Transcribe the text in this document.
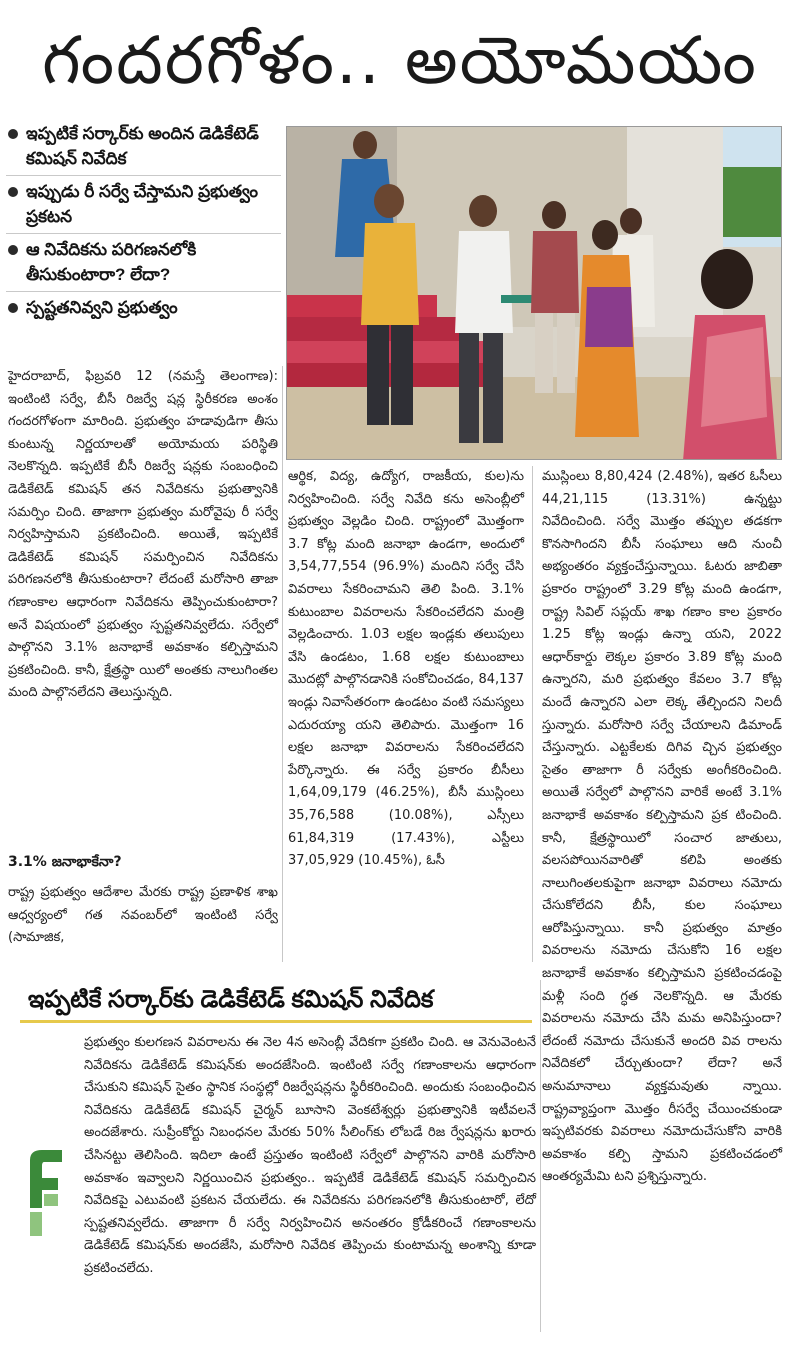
గందరగోళం.. అయోమయం
ఇప్పటికే సర్కార్‌కు అందిన డెడికేటెడ్ కమిషన్ నివేదిక
ఇప్పుడు రీ సర్వే చేస్తామని ప్రభుత్వం ప్రకటన
ఆ నివేదికను పరిగణనలోకి తీసుకుంటారా? లేదా?
స్పష్టతనివ్వని ప్రభుత్వం
హైదరాబాద్, ఫిబ్రవరి 12 (నమస్తే తెలంగాణ): ఇంటింటి సర్వే, బీసీ రిజర్వే షన్ల స్థిరీకరణ అంశం గందరగోళంగా మారింది. ప్రభుత్వం హడావుడిగా తీసు కుంటున్న నిర్ణయాలతో అయోమయ పరిస్థితి నెలకొన్నది. ఇప్పటికే బీసీ రిజర్వే షన్లకు సంబంధించి డెడికేటెడ్ కమిషన్ తన నివేదికను ప్రభుత్వానికి సమర్పిం చింది. తాజాగా ప్రభుత్వం మరోవైపు రీ సర్వే నిర్వహిస్తామని ప్రకటించింది. అయితే, ఇప్పటికే డెడికేటెడ్ కమిషన్ సమర్పించిన నివేదికను పరిగణనలోకి తీసుకుంటారా? లేదంటే మరోసారి తాజా గణాంకాల ఆధారంగా నివేదికను తెప్పించుకుంటారా? అనే విషయంలో ప్రభుత్వం స్పష్టతనివ్వలేదు. సర్వేలో పాల్గొనని 3.1% జనాభాకే అవకాశం కల్పిస్తామని ప్రకటించింది. కానీ, క్షేత్రస్థా యిలో అంతకు నాలుగింతల మంది పాల్గొనలేదని తెలుస్తున్నది.
3.1% జనాభాకేనా?
రాష్ట్ర ప్రభుత్వం ఆదేశాల మేరకు రాష్ట్ర ప్రణాళిక శాఖ ఆధ్వర్యంలో గత నవంబర్‌లో ఇంటింటి సర్వే (సామాజిక,
ఆర్థిక, విద్య, ఉద్యోగ, రాజకీయ, కుల)ను నిర్వహించింది. సర్వే నివేది కను అసెంబ్లీలో ప్రభుత్వం వెల్లడిం చింది. రాష్ట్రంలో మొత్తంగా 3.7 కోట్ల మంది జనాభా ఉండగా, అందులో 3,54,77,554 (96.9%) మందిని సర్వే చేసి వివరాలు సేకరించామని తెలి పింది. 3.1% కుటుంబాల వివరాలను సేకరించలేదని మంత్రి వెల్లడించారు. 1.03 లక్షల ఇండ్లకు తలుపులు వేసి ఉండటం, 1.68 లక్షల కుటుంబాలు మొదట్లో పాల్గొనడానికి సంకోచించడం, 84,137 ఇండ్లు నివాసేతరంగా ఉండటం వంటి సమస్యలు ఎదురయ్యా యని తెలిపారు. మొత్తంగా 16 లక్షల జనాభా వివరాలను సేకరించలేదని పేర్కొన్నారు. ఈ సర్వే ప్రకారం బీసీలు 1,64,09,179 (46.25%), బీసీ ముస్లింలు 35,76,588 (10.08%), ఎస్సీలు 61,84,319 (17.43%), ఎస్టీలు 37,05,929 (10.45%), ఓసీ
ముస్లింలు 8,80,424 (2.48%), ఇతర ఓసీలు 44,21,115 (13.31%) ఉన్నట్టు నివేదించింది. సర్వే మొత్తం తప్పుల తడకగా కొనసాగిందని బీసీ సంఘాలు ఆది నుంచీ అభ్యంతరం వ్యక్తంచేస్తున్నాయి. ఓటరు జాబితా ప్రకారం రాష్ట్రంలో 3.29 కోట్ల మంది ఉండగా, రాష్ట్ర సివిల్ సప్లయ్ శాఖ గణాం కాల ప్రకారం 1.25 కోట్ల ఇండ్లు ఉన్నా యని, 2022 ఆధార్‌కార్డు లెక్కల ప్రకారం 3.89 కోట్ల మంది ఉన్నారని, మరి ప్రభుత్వం కేవలం 3.7 కోట్ల మందే ఉన్నారని ఎలా లెక్క తేల్చిందని నిలదీ స్తున్నారు. మరోసారి సర్వే చేయాలని డిమాండ్ చేస్తున్నారు. ఎట్టకేలకు దిగివ చ్చిన ప్రభుత్వం సైతం తాజాగా రీ సర్వేకు అంగీకరించింది. అయితే సర్వేలో పాల్గొనని వారికే అంటే 3.1% జనాభాకే అవకాశం కల్పిస్తామని ప్రక టించింది. కానీ, క్షేత్రస్థాయిలో సంచార జాతులు, వలసపోయినవారితో కలిపి అంతకు నాలుగింతలకుపైగా జనాభా వివరాలు నమోదు చేసుకోలేదని బీసీ, కుల సంఘాలు ఆరోపిస్తున్నాయి. కానీ ప్రభుత్వం మాత్రం వివరాలను నమోదు చేసుకోని 16 లక్షల జనాభాకే అవకాశం కల్పిస్తామని ప్రకటించడంపై మళ్లీ సంది గ్ధత నెలకొన్నది. ఆ మేరకు వివరాలను నమోదు చేసి మమ అనిపిస్తుందా? లేదంటే నమోదు చేసుకునే అందరి వివ రాలను నివేదికలో చేర్చుతుందా? లేదా? అనే అనుమానాలు వ్యక్తమవుతు న్నాయి. రాష్ట్రవ్యాప్తంగా మొత్తం రీసర్వే చేయించకుండా ఇప్పటివరకు వివరాలు నమోదుచేసుకోని వారికి అవకాశం కల్పి స్తామని ప్రకటించడంలో ఆంతర్యమేమి టని ప్రశ్నిస్తున్నారు.
ఇప్పటికే సర్కార్‌కు డెడికేటెడ్ కమిషన్ నివేదిక
ప్రభుత్వం కులగణన వివరాలను ఈ నెల 4న అసెంబ్లీ వేదికగా ప్రకటిం చింది. ఆ వెనువెంటనే నివేదికను డెడికేటెడ్ కమిషన్‌కు అందజేసింది. ఇంటింటి సర్వే గణాంకాలను ఆధారంగా చేసుకుని కమిషన్ సైతం స్థానిక సంస్థల్లో రిజర్వేషన్లను స్థిరీకరించింది. అందుకు సంబంధించిన నివేదికను డెడికేటెడ్ కమిషన్ చైర్మన్ బూసాని వెంకటేశ్వర్లు ప్రభుత్వానికి ఇటీవలనే అందజేశారు. సుప్రీంకోర్టు నిబంధనల మేరకు 50% సీలింగ్‌కు లోబడే రిజ ర్వేషన్లను ఖరారు చేసినట్టు తెలిసింది. ఇదిలా ఉంటే ప్రస్తుతం ఇంటింటి సర్వేలో పాల్గొనని వారికి మరోసారి అవకాశం ఇవ్వాలని నిర్ణయించిన ప్రభుత్వం.. ఇప్పటికే డెడికేటెడ్ కమిషన్ సమర్పించిన నివేదికపై ఎటువంటి ప్రకటన చేయలేదు. ఈ నివేదికను పరిగణనలోకి తీసుకుంటారో, లేదో స్పష్టతనివ్వలేదు. తాజాగా రీ సర్వే నిర్వహించిన అనంతరం క్రోడీకరించే గణాంకాలను డెడికేటెడ్ కమిషన్‌కు అందజేసి, మరోసారి నివేదిక తెప్పించు కుంటామన్న అంశాన్ని కూడా ప్రకటించలేదు.
